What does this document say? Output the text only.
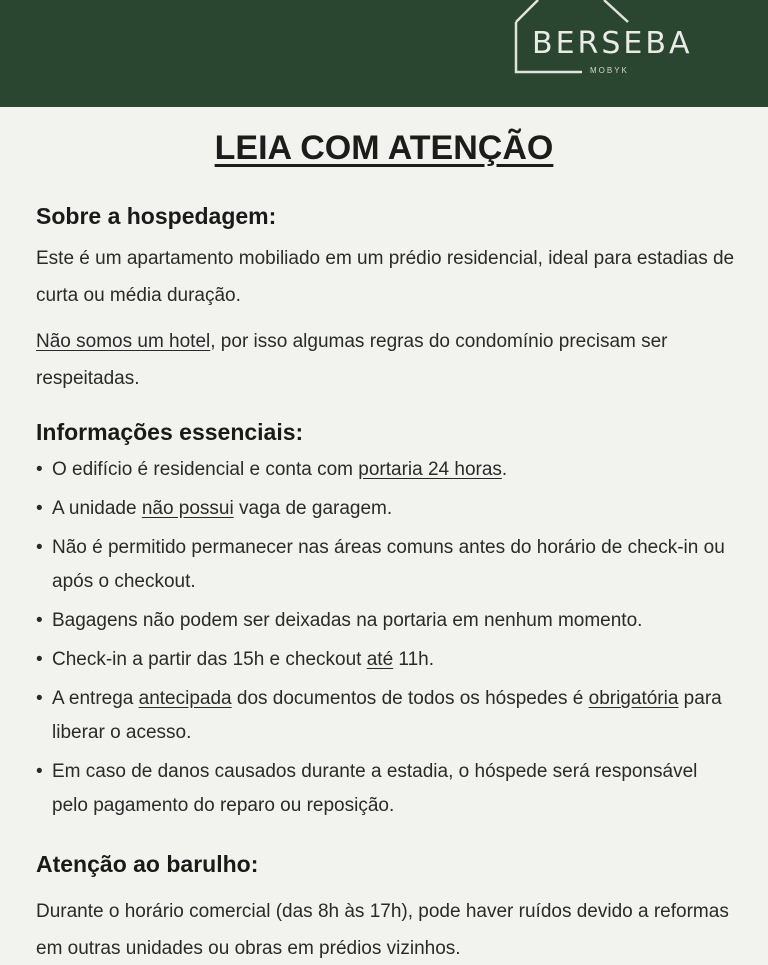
BERSEBA
MOBYK
LEIA COM ATENÇÃO
Sobre a hospedagem:
Este é um apartamento mobiliado em um prédio residencial, ideal para estadias de curta ou média duração.
Não somos um hotel, por isso algumas regras do condomínio precisam ser respeitadas.
Informações essenciais:
• O edifício é residencial e conta com portaria 24 horas.
• A unidade não possui vaga de garagem.
• Não é permitido permanecer nas áreas comuns antes do horário de check-in ou após o checkout.
• Bagagens não podem ser deixadas na portaria em nenhum momento.
• Check-in a partir das 15h e checkout até 11h.
• A entrega antecipada dos documentos de todos os hóspedes é obrigatória para liberar o acesso.
• Em caso de danos causados durante a estadia, o hóspede será responsável pelo pagamento do reparo ou reposição.
Atenção ao barulho:
Durante o horário comercial (das 8h às 17h), pode haver ruídos devido a reformas em outras unidades ou obras em prédios vizinhos.
